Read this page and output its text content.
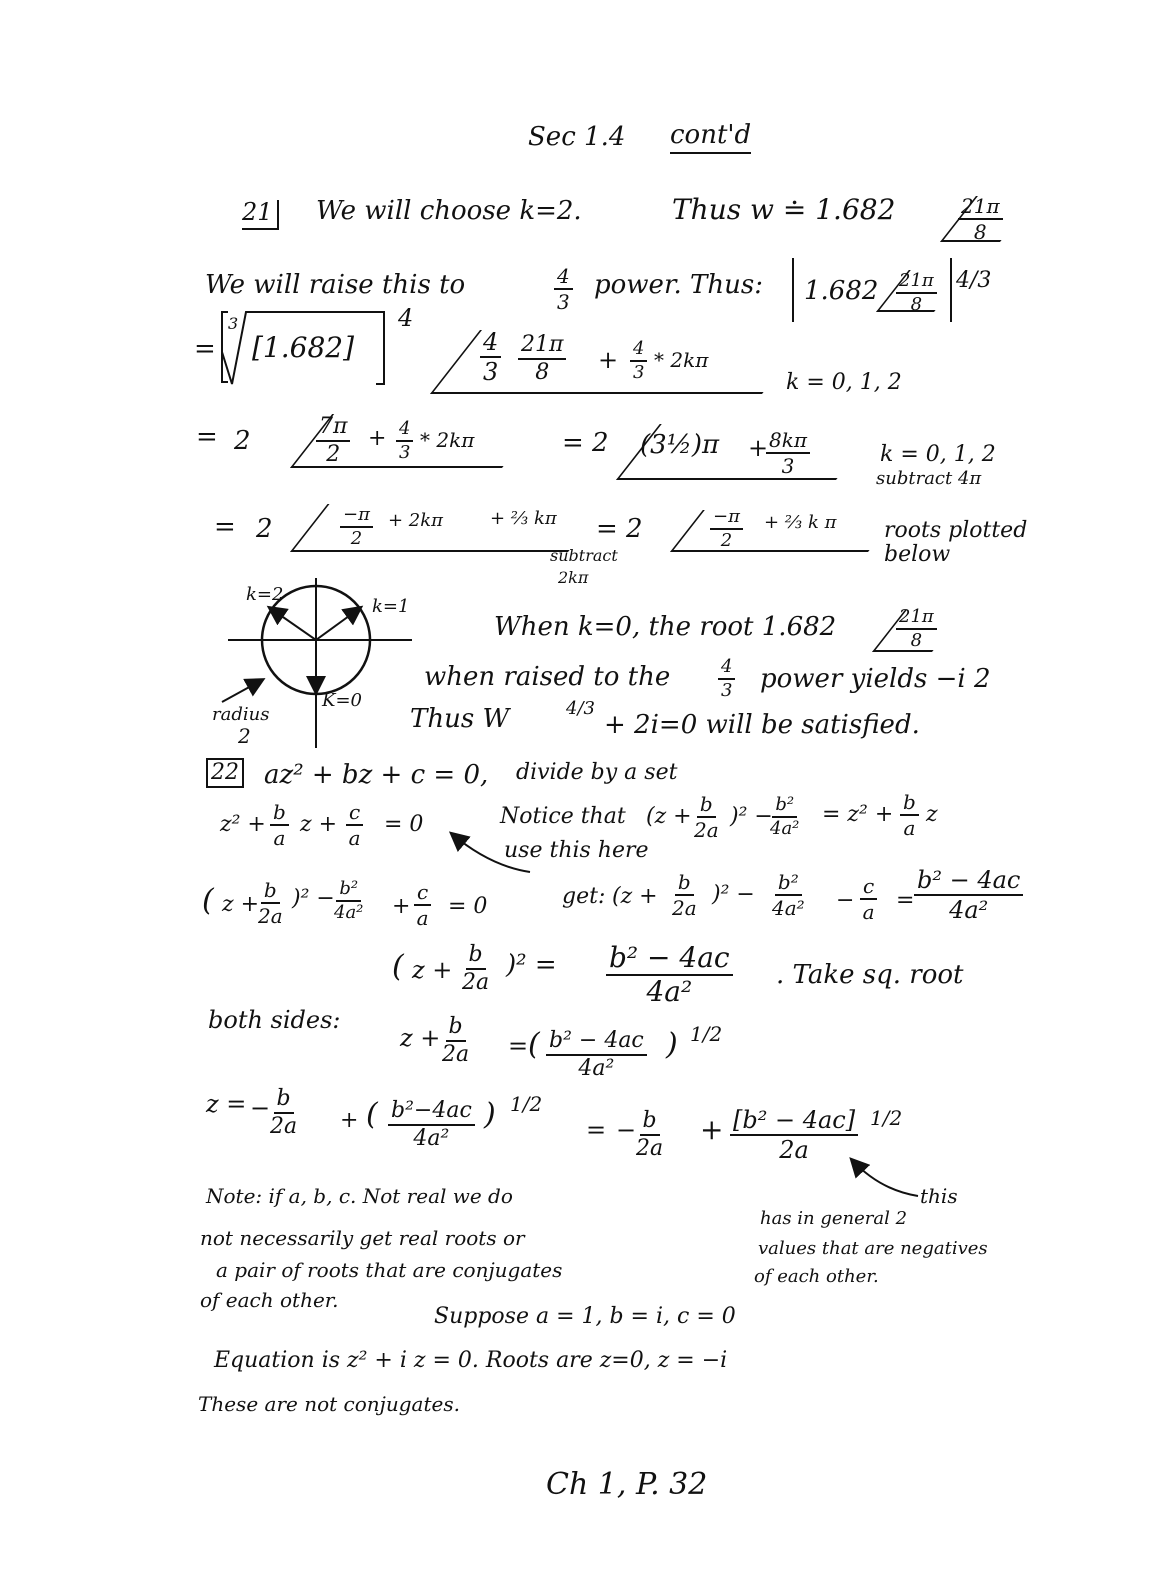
Sec 1.4 cont'd
21 We will choose k=2.	Thus w ≐ 1.682	$\frac{21\pi}{8}$
We will raise this to	$\frac{4}{3}$ power. Thus: $1.682 \frac{21\pi}{8} 4/3$
=
3
[1.682]
4
$\frac{4}{3} \frac{21\pi}{8} + \frac{4}{3} * 2k\pi$
k = 0, 1, 2
= 2	$\frac{7\pi}{2} + \frac{4}{3} * 2k\pi$	= 2 (3½)π +
$\frac{8k\pi}{3}$	k = 0, 1, 2
subtract 4π
= 2	$\frac{-\pi}{2} + 2k\pi$	+ ⅔ kπ = 2	$\frac{-\pi}{2}$ + ⅔ k π roots plotted
below
subtract
2kπ
k=2
k=1
K=0
radius
2
When k=0, the root 1.682	$\frac{21\pi}{8}$
when raised to the	$\frac{4}{3}$ power yields −i 2
Thus W	4/3
+ 2i=0 will be satisfied.
22 az² + bz + c = 0, divide by a set
$z^2 + \frac{b}{a}$ $z + \frac{c}{a} = 0$	Notice that $(z + \frac{b}{2a} )^2$ −
$\frac{\text{b²}}{\text{4a²}} = z^2 + \frac{b}{a}$ z
use this here
( z +
$\frac{b}{2a} )^2 - \frac{\text{b²}}{\text{4a²}} + \frac{c}{a} = 0$	get: $(z + \frac{b}{2a} )^2 - \frac{\text{b²}}{\text{4a²}} - \frac{c}{a} = \frac{\text{b² − 4ac}}{\text{4a²}}$
( $z + \frac{b}{2a} )^2 = \frac{\text{b² − 4ac}}{\text{4a²}}$ . Take sq. root
both sides:
$z + \frac{b}{2a}$ = ( $\frac{\text{b² − 4ac}}{\text{4a²}}$ ) 1/2
z = − $\frac{b}{2a}$ + ( $\frac{\text{b²−4ac}}{\text{4a²}}$ ) 1/2
= − $\frac{b}{2a} + \frac{\text{[b² − 4ac]}}{2a} 1/2$
Note: if a, b, c. Not real we do
not necessarily get real roots or
a pair of roots that are conjugates
of each other.
Suppose a = 1, b = i, c = 0
Equation is z² + i z = 0. Roots are z=0, z = −i
These are not conjugates.
this
has in general 2
values that are negatives
of each other.
Ch 1, P. 32
